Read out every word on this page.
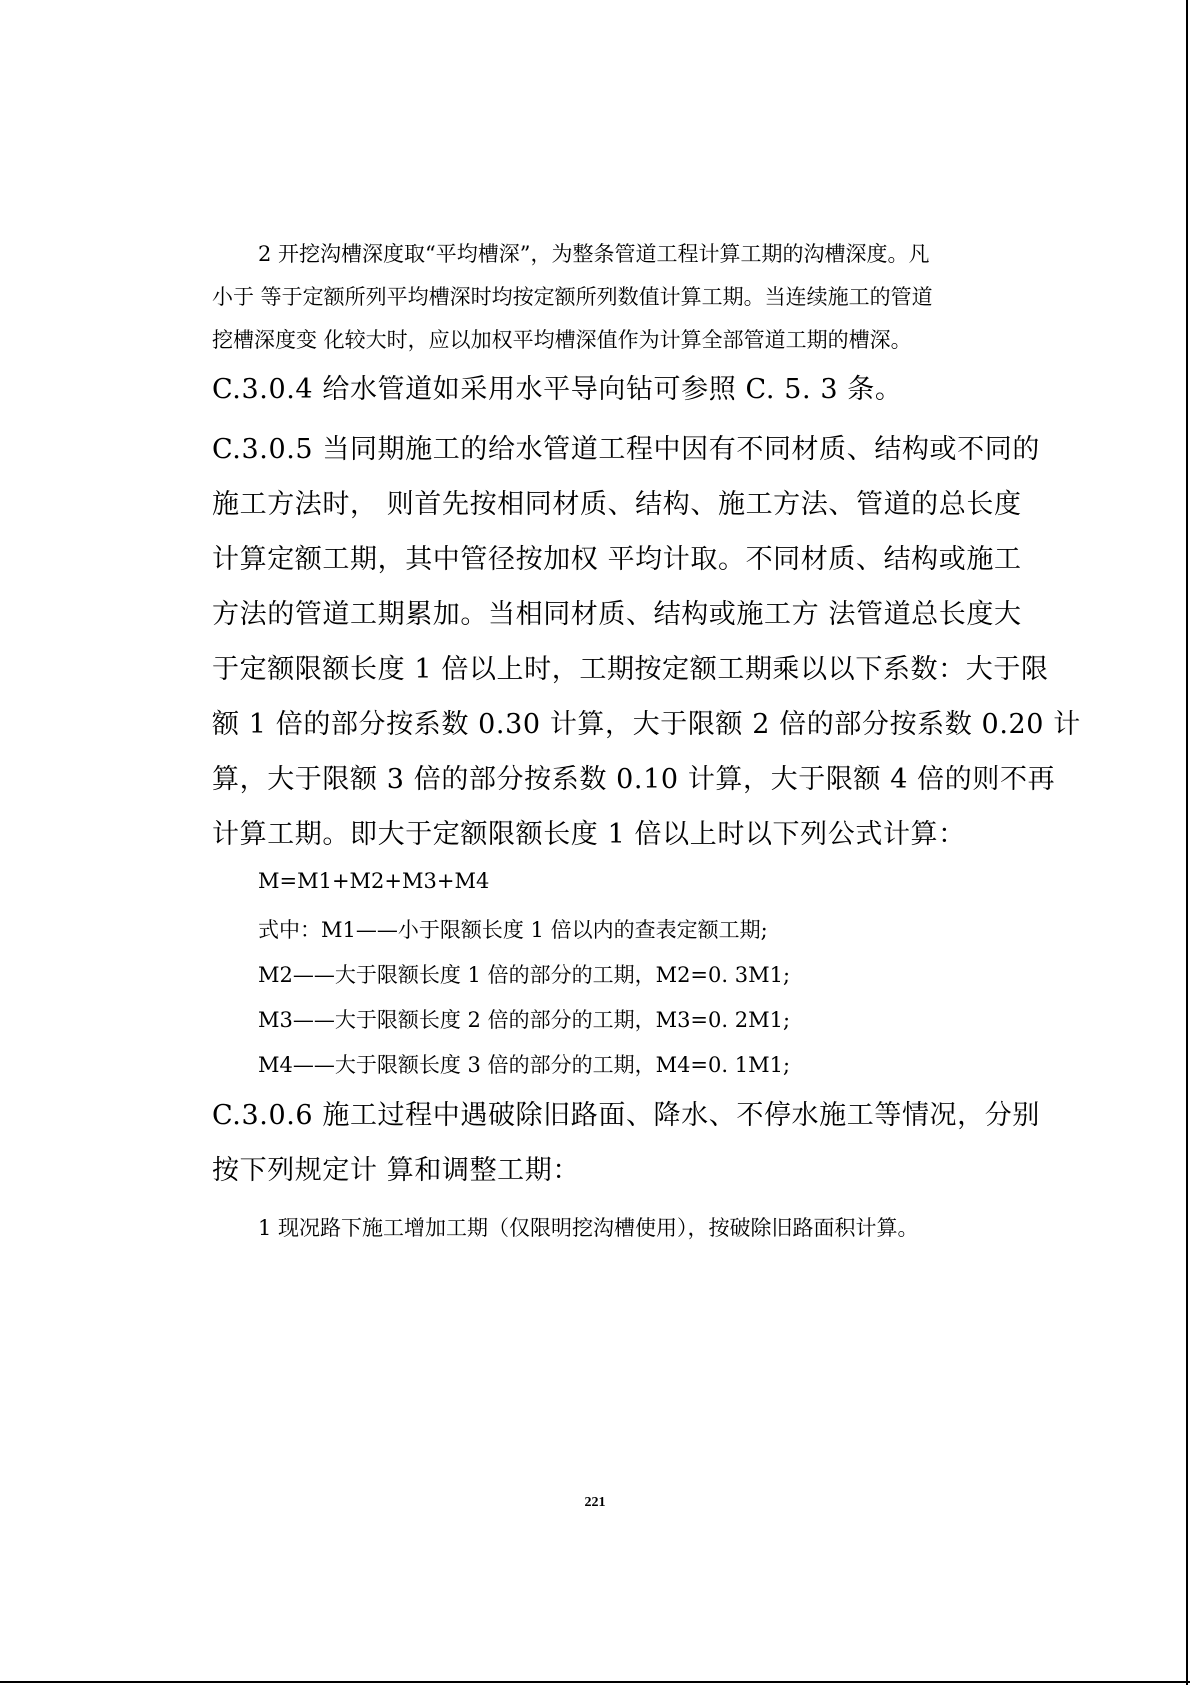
2 开挖沟槽深度取“平均槽深”，为整条管道工程计算工期的沟槽深度。凡

小于 等于定额所列平均槽深时均按定额所列数值计算工期。当连续施工的管道

挖槽深度变 化较大时，应以加权平均槽深值作为计算全部管道工期的槽深。

C.3.0.4 给水管道如采用水平导向钻可参照 C. 5. 3 条。

C.3.0.5 当同期施工的给水管道工程中因有不同材质、结构或不同的

施工方法时， 则首先按相同材质、结构、施工方法、管道的总长度

计算定额工期，其中管径按加权 平均计取。不同材质、结构或施工

方法的管道工期累加。当相同材质、结构或施工方 法管道总长度大

于定额限额长度 1 倍以上时，工期按定额工期乘以以下系数：大于限

额 1 倍的部分按系数 0.30 计算，大于限额 2 倍的部分按系数 0.20 计

算，大于限额 3 倍的部分按系数 0.10 计算，大于限额 4 倍的则不再

计算工期。即大于定额限额长度 1 倍以上时以下列公式计算：

M=M1+M2+M3+M4

式中：M1——小于限额长度 1 倍以内的查表定额工期;

M2——大于限额长度 1 倍的部分的工期，M2=0. 3M1;

M3——大于限额长度 2 倍的部分的工期，M3=0. 2M1;

M4——大于限额长度 3 倍的部分的工期，M4=0. 1M1;

C.3.0.6 施工过程中遇破除旧路面、降水、不停水施工等情况，分别

按下列规定计 算和调整工期：

1 现况路下施工增加工期（仅限明挖沟槽使用），按破除旧路面积计算。

221
